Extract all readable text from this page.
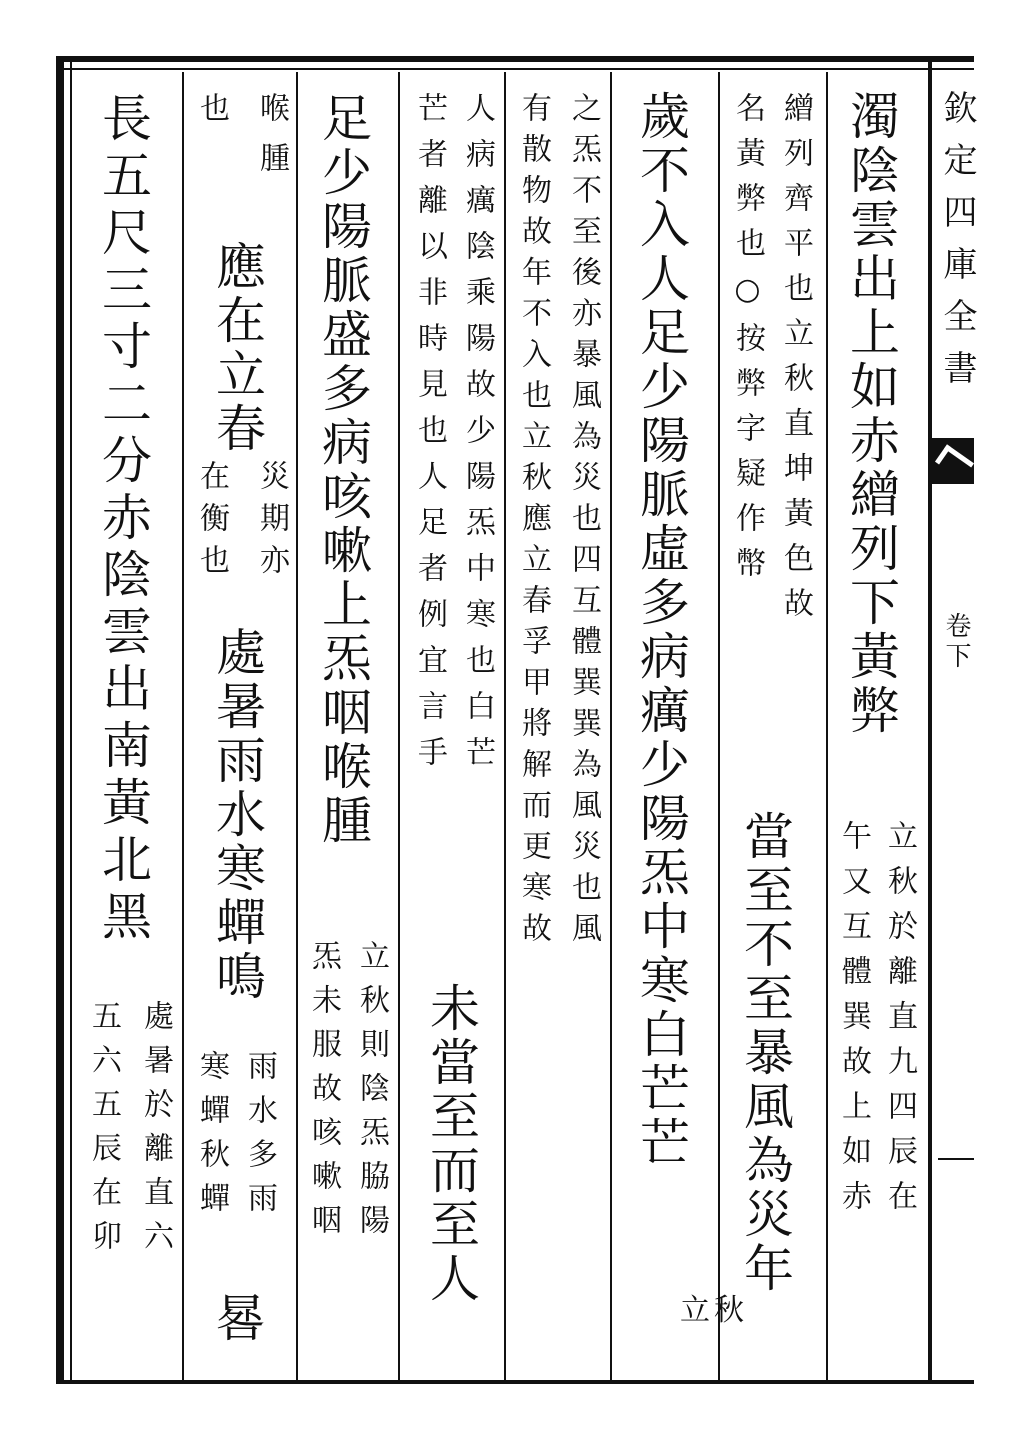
欽定四庫全書
卷下
濁陰雲出上如赤繒列下黃弊
立秋於離直九四辰在
午又互體巽故上如赤
繒列齊平也立秋直坤黃色故
名黃弊也○按弊字疑作幣
當至不至暴風為災年
歲不入人足少陽脈虛多病癘少陽炁中寒白芒芒
立秋
之炁不至後亦暴風為災也四互體巽巽為風災也風
有散物故年不入也立秋應立春孚甲將解而更寒故
人病癘陰乘陽故少陽炁中寒也白芒
芒者離以非時見也人足者例宜言手
未當至而至人
足少陽脈盛多病咳嗽上炁咽喉腫
立秋則陰炁脇陽
炁未服故咳嗽咽
喉腫
也
應在立春
災期亦
在衡也
處暑雨水寒蟬鳴
雨水多雨
寒蟬秋蟬
晷
長五尺三寸二分赤陰雲出南黃北黑
處暑於離直六
五六五辰在卯
